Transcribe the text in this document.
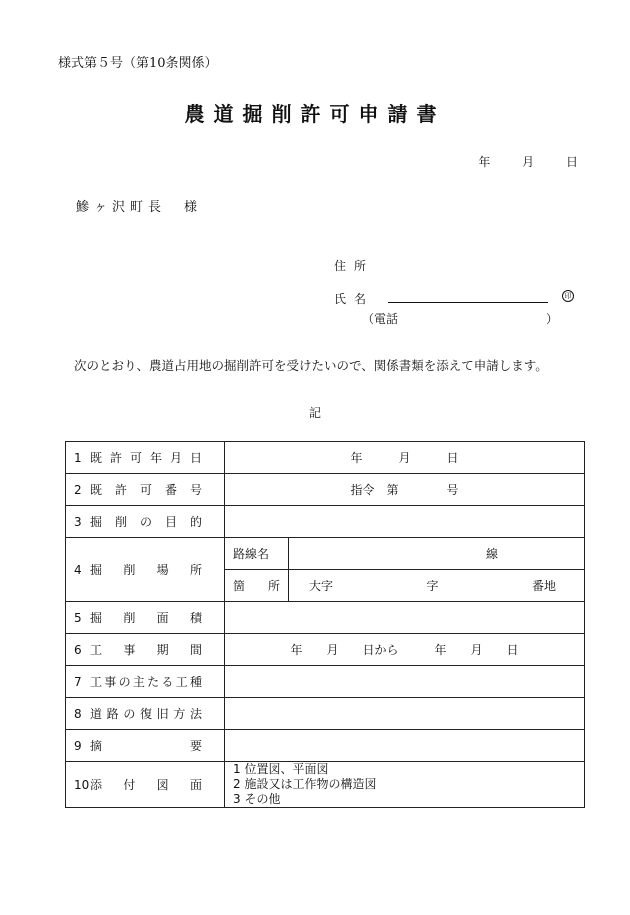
様式第５号（第10条関係）
農道掘削許可申請書
年 月 日
鰺ヶ沢町長　様
住所
氏名	印
（電話	）
次のとおり、農道占用地の掘削許可を受けたいので、関係書類を添えて申請します。
記
1 既許可年月日	年　　　月　　　日	
2 既許可番号	指令　第　　　　号	
3 掘削の目的		
4 掘削場所	路線名	線

	箇所	大字 字 番地

5 掘削面積		
6 工事期間	年　　月　　日から　　　年　　月　　日	
7 工事の主たる工種		
8 道路の復旧方法		
9 摘要		
10添付図面	1 位置図、平面図
2 施設又は工作物の構造図
3 その他	
